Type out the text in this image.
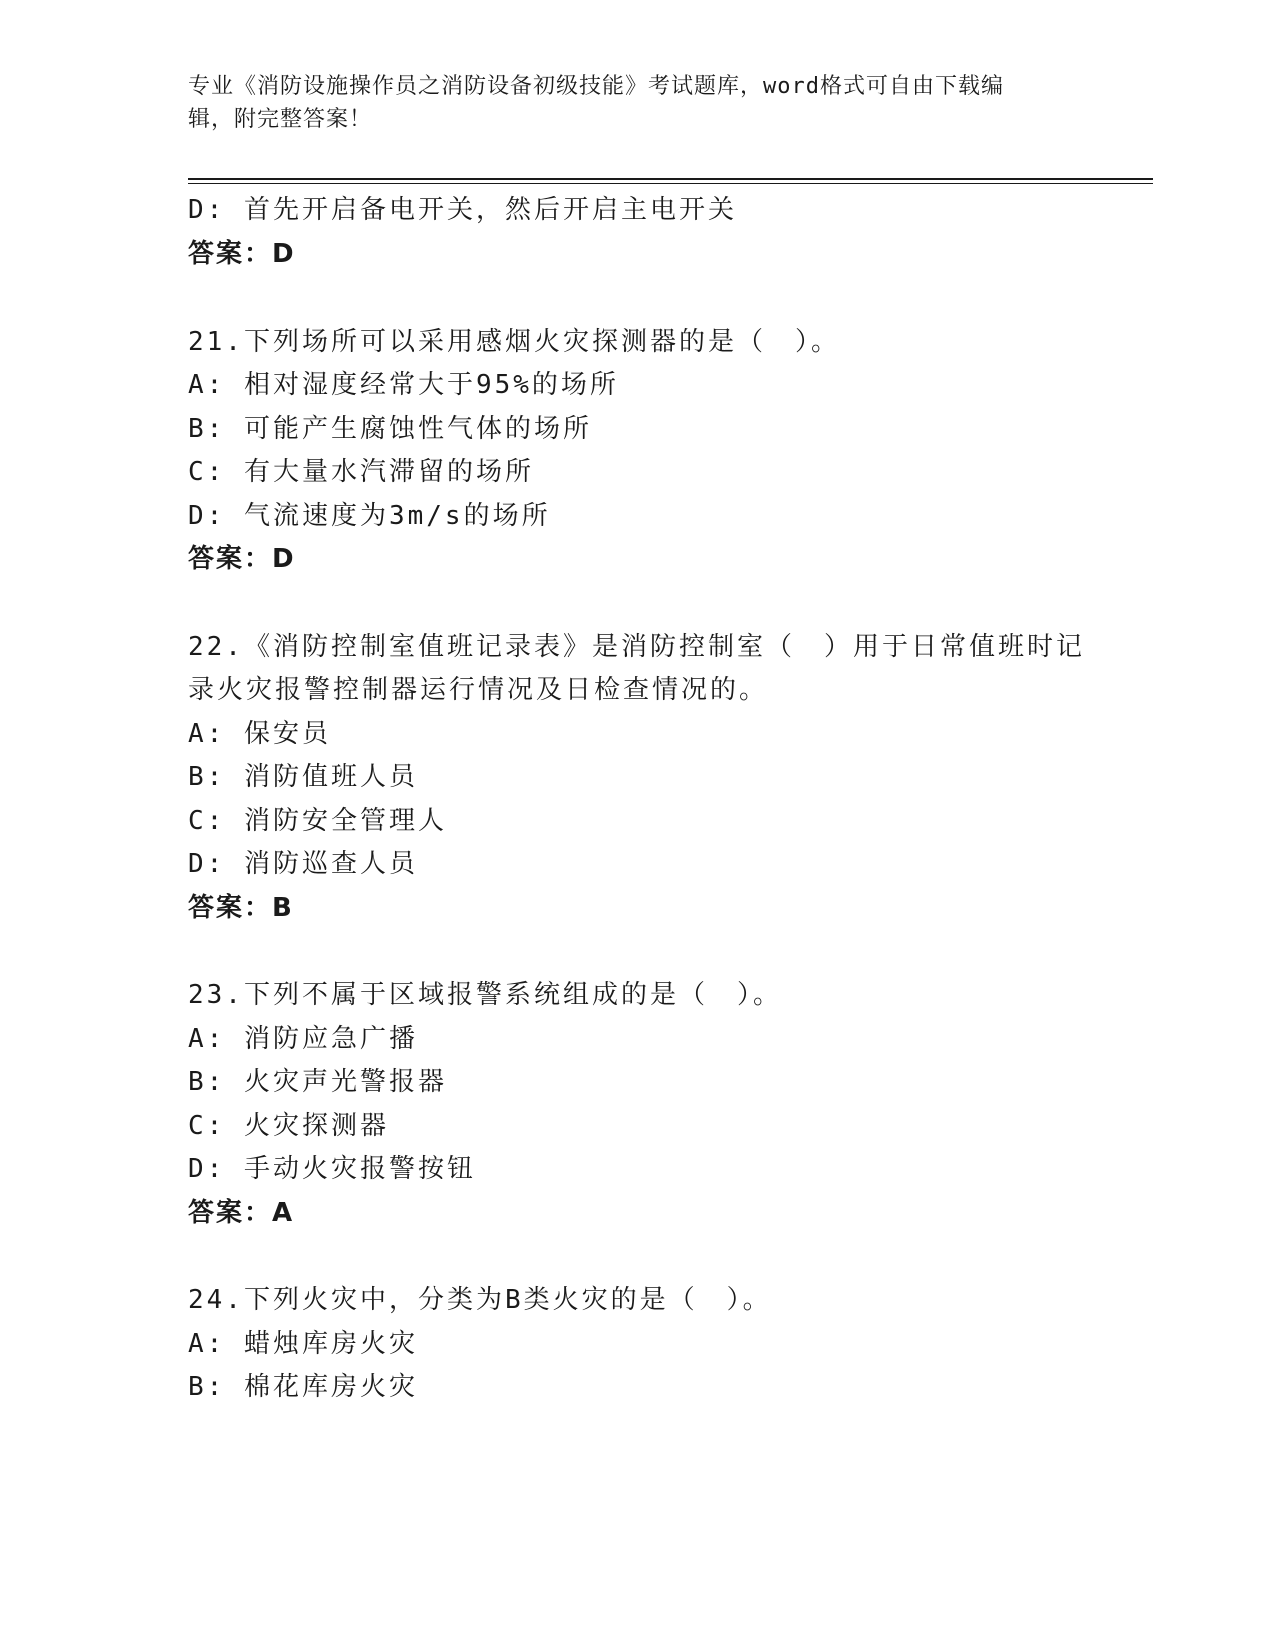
专业《消防设施操作员之消防设备初级技能》考试题库，word格式可自由下载编
辑，附完整答案！
D: 首先开启备电开关，然后开启主电开关
答案：D
21.下列场所可以采用感烟火灾探测器的是（　）。
A: 相对湿度经常大于95%的场所
B: 可能产生腐蚀性气体的场所
C: 有大量水汽滞留的场所
D: 气流速度为3m/s的场所
答案：D
22.《消防控制室值班记录表》是消防控制室（　）用于日常值班时记
录火灾报警控制器运行情况及日检查情况的。
A: 保安员
B: 消防值班人员
C: 消防安全管理人
D: 消防巡查人员
答案：B
23.下列不属于区域报警系统组成的是（　）。
A: 消防应急广播
B: 火灾声光警报器
C: 火灾探测器
D: 手动火灾报警按钮
答案：A
24.下列火灾中，分类为B类火灾的是（　）。
A: 蜡烛库房火灾
B: 棉花库房火灾
